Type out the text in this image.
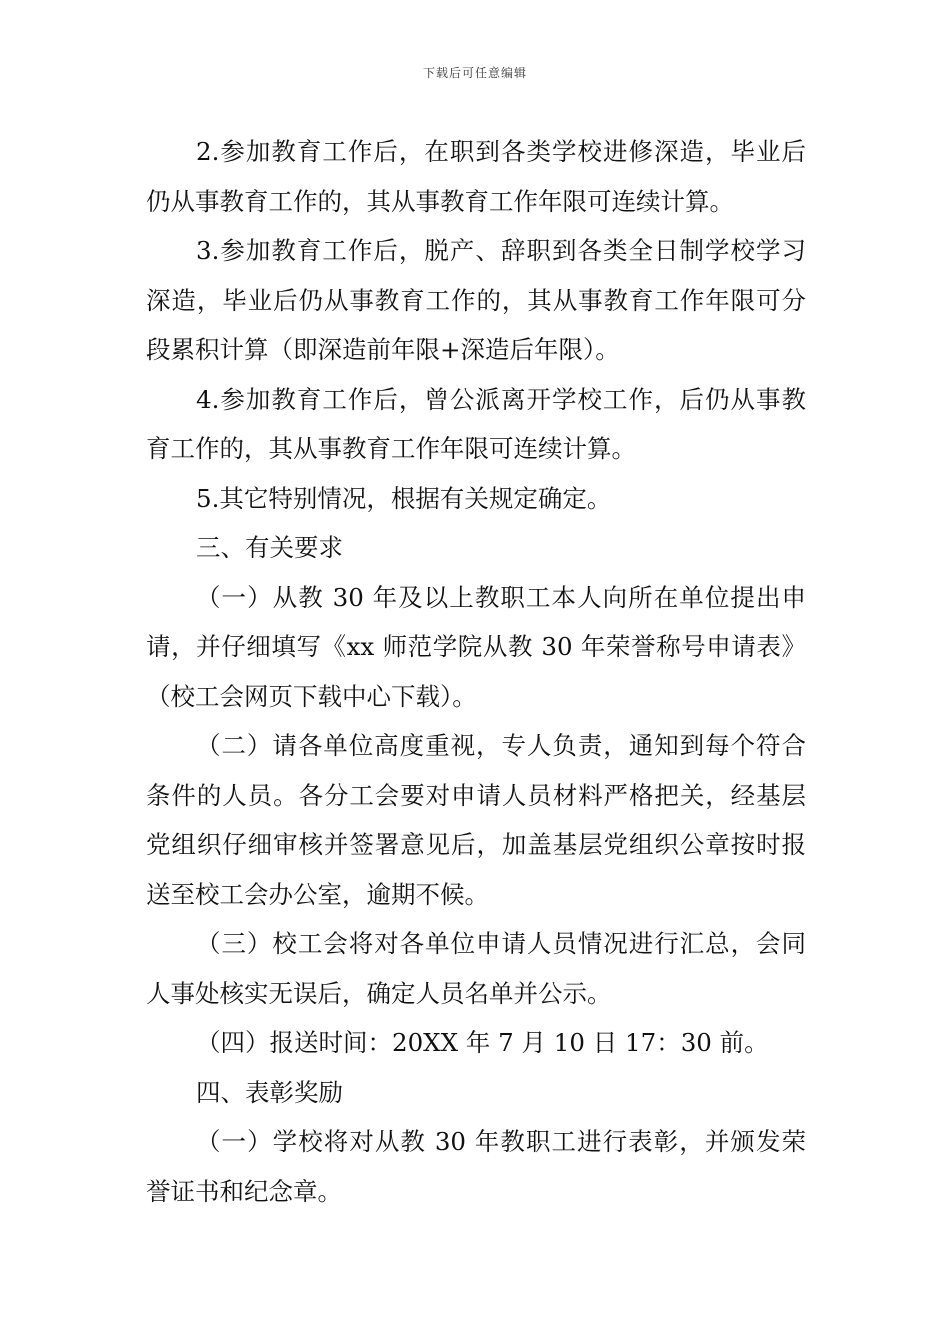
下载后可任意编辑

2.参加教育工作后，在职到各类学校进修深造，毕业后仍从事教育工作的，其从事教育工作年限可连续计算。

3.参加教育工作后，脱产、辞职到各类全日制学校学习深造，毕业后仍从事教育工作的，其从事教育工作年限可分段累积计算（即深造前年限+深造后年限）。

4.参加教育工作后，曾公派离开学校工作，后仍从事教育工作的，其从事教育工作年限可连续计算。

5.其它特别情况，根据有关规定确定。

三、有关要求

（一）从教 30 年及以上教职工本人向所在单位提出申请，并仔细填写《xx 师范学院从教 30 年荣誉称号申请表》（校工会网页下载中心下载）。

（二）请各单位高度重视，专人负责，通知到每个符合条件的人员。各分工会要对申请人员材料严格把关，经基层党组织仔细审核并签署意见后，加盖基层党组织公章按时报送至校工会办公室，逾期不候。

（三）校工会将对各单位申请人员情况进行汇总，会同人事处核实无误后，确定人员名单并公示。

（四）报送时间：20XX 年 7 月 10 日 17：30 前。

四、表彰奖励

（一）学校将对从教 30 年教职工进行表彰，并颁发荣誉证书和纪念章。
